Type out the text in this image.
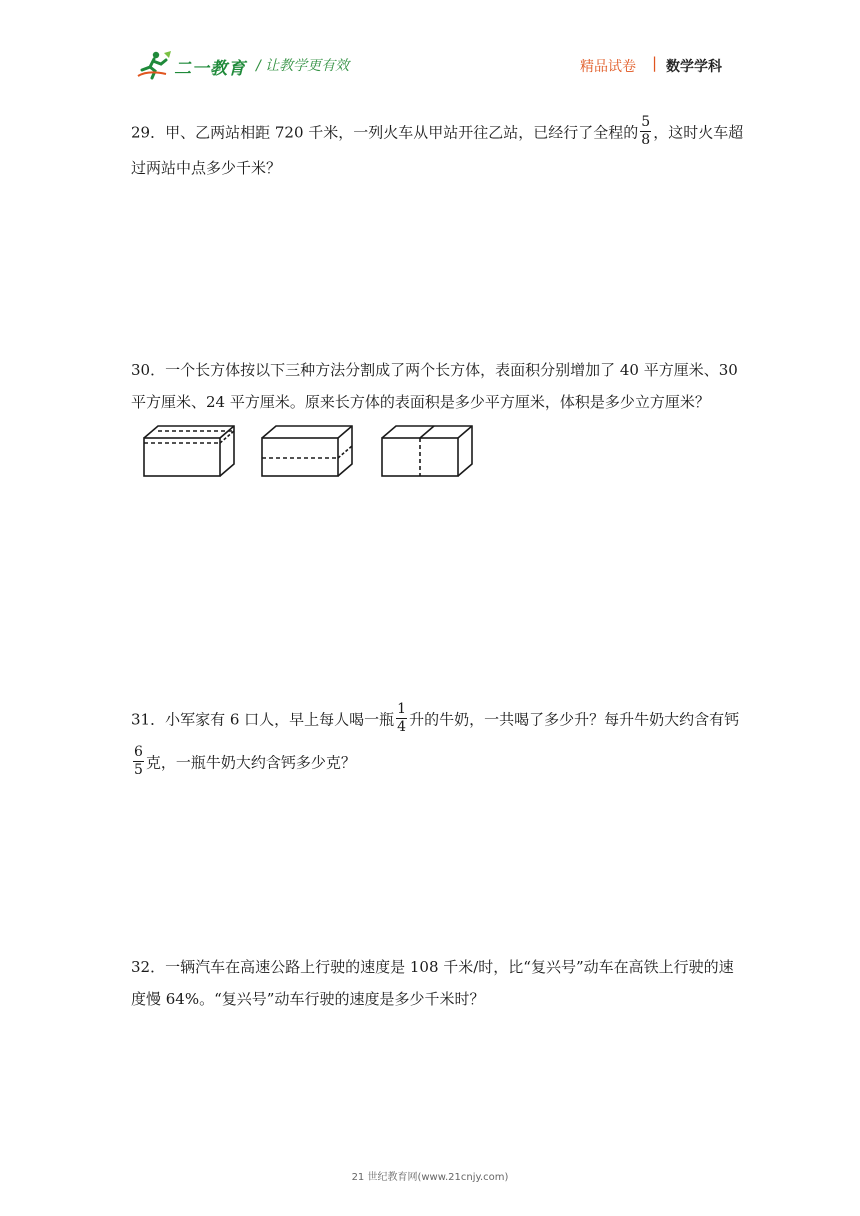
二一教育 / 让教学更有效	精品试卷 | 数学学科
29．甲、乙两站相距 720 千米，一列火车从甲站开往乙站，已经行了全程的 $\frac{5}{8}$ ，这时火车超
过两站中点多少千米？
30．一个长方体按以下三种方法分割成了两个长方体，表面积分别增加了 40 平方厘米、30
平方厘米、24 平方厘米。原来长方体的表面积是多少平方厘米，体积是多少立方厘米？
31．小军家有 6 口人，早上每人喝一瓶 $\frac{1}{4}$ 升的牛奶，一共喝了多少升？每升牛奶大约含有钙
$\frac{6}{5}$ 克，一瓶牛奶大约含钙多少克？
32．一辆汽车在高速公路上行驶的速度是 108 千米/时，比“复兴号”动车在高铁上行驶的速
度慢 64%。“复兴号”动车行驶的速度是多少千米时？
21 世纪教育网(www.21cnjy.com)
